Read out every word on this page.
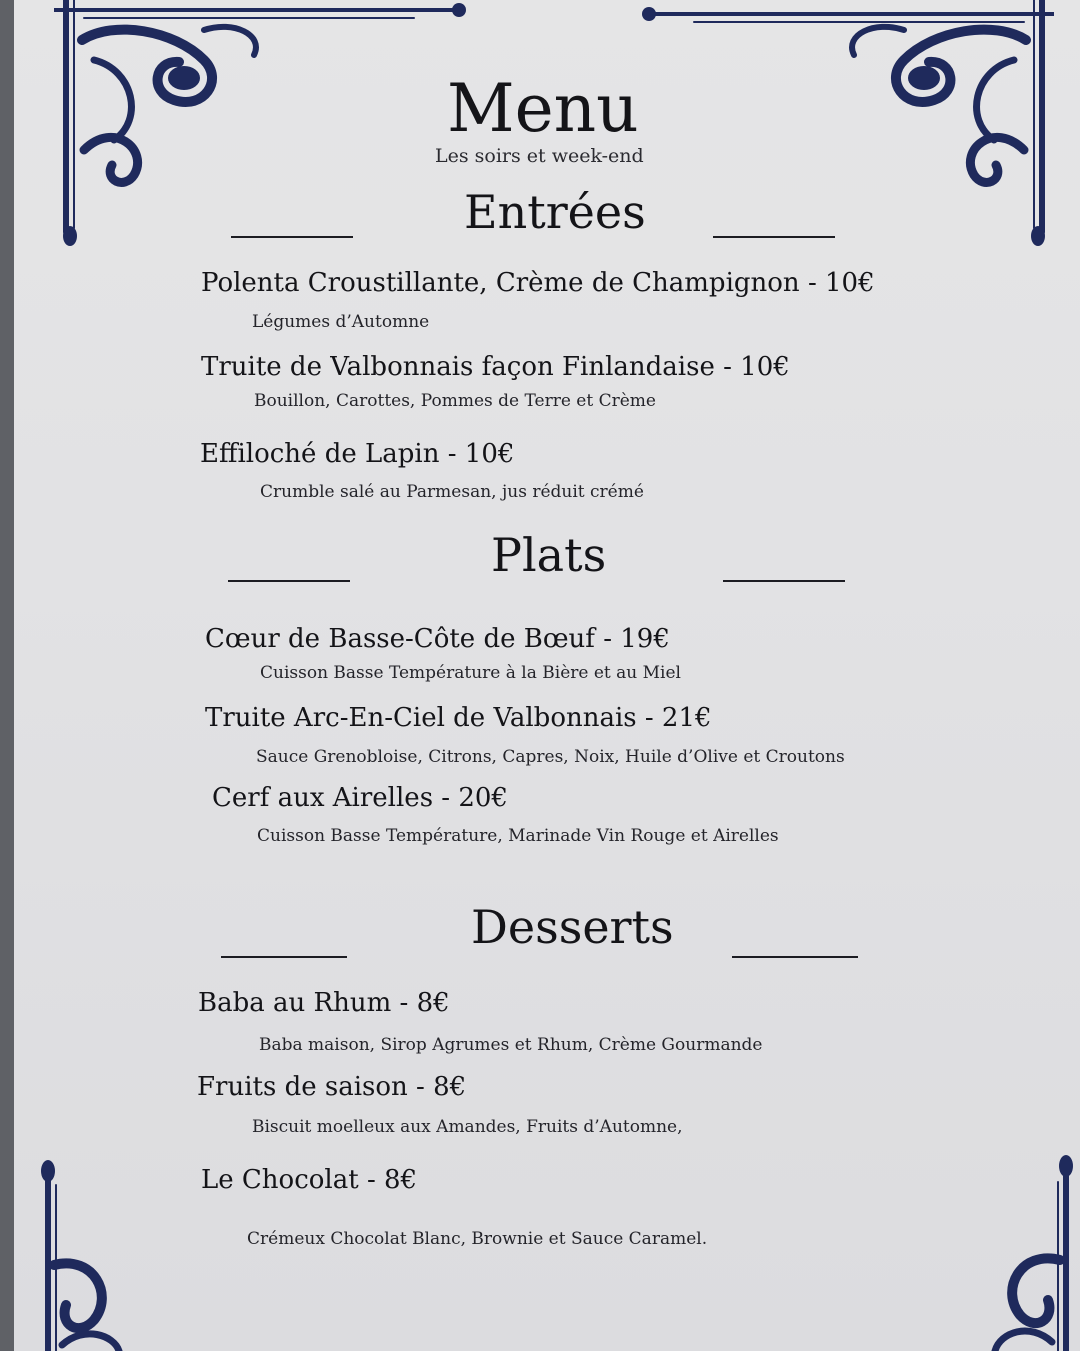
Menu
Les soirs et week-end
Entrées
Polenta Croustillante, Crème de Champignon - 10€
Légumes d’Automne
Truite de Valbonnais façon Finlandaise - 10€
Bouillon, Carottes, Pommes de Terre et Crème
Effiloché de Lapin - 10€
Crumble salé au Parmesan, jus réduit crémé
Plats
Cœur de Basse-Côte de Bœuf - 19€
Cuisson Basse Température à la Bière et au Miel
Truite Arc-En-Ciel de Valbonnais - 21€
Sauce Grenobloise, Citrons, Capres, Noix, Huile d’Olive et Croutons
Cerf aux Airelles - 20€
Cuisson Basse Température, Marinade Vin Rouge et Airelles
Desserts
Baba au Rhum - 8€
Baba maison, Sirop Agrumes et Rhum, Crème Gourmande
Fruits de saison - 8€
Biscuit moelleux aux Amandes, Fruits d’Automne,
Le Chocolat - 8€
Crémeux Chocolat Blanc, Brownie et Sauce Caramel.
